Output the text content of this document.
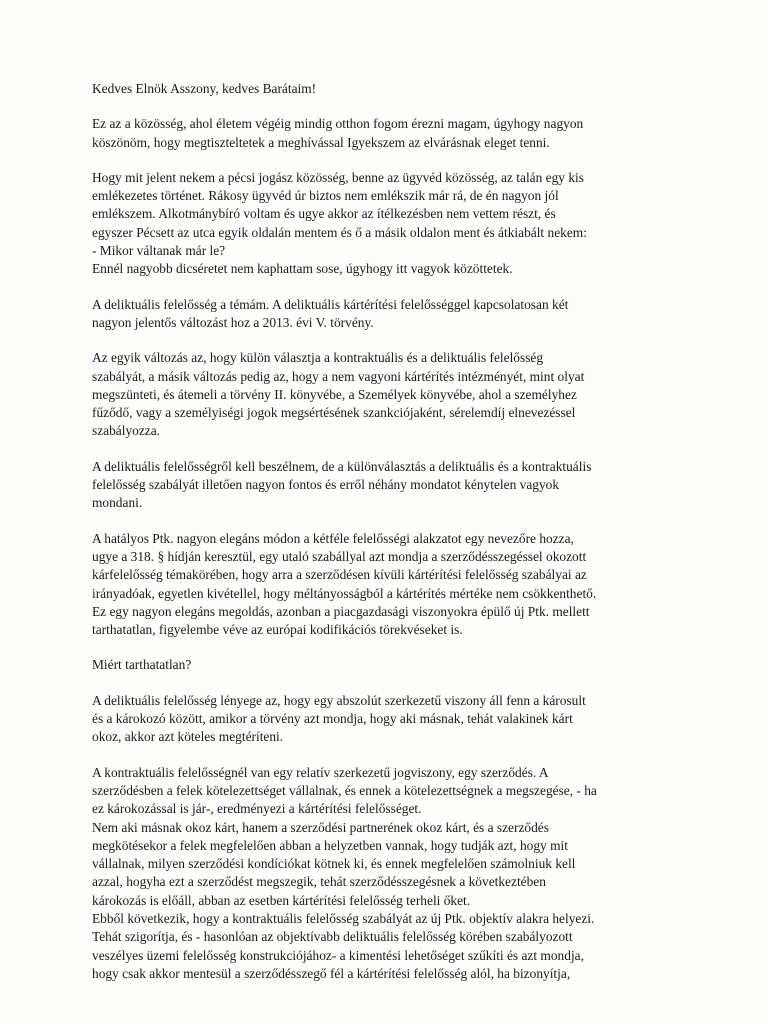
Kedves Elnök Asszony, kedves Barátaim!

Ez az a közösség, ahol életem végéig mindig otthon fogom érezni magam, úgyhogy nagyon
köszönöm, hogy megtiszteltetek a meghívással Igyekszem az elvárásnak eleget tenni.

Hogy mit jelent nekem a pécsi jogász közösség, benne az ügyvéd közösség, az talán egy kis
emlékezetes történet. Rákosy ügyvéd úr biztos nem emlékszik már rá, de én nagyon jól
emlékszem. Alkotmánybíró voltam és ugye akkor az ítélkezésben nem vettem részt, és
egyszer Pécsett az utca egyik oldalán mentem és ő a másik oldalon ment és átkiabált nekem:
- Mikor váltanak már le?
Ennél nagyobb dicséretet nem kaphattam sose, úgyhogy itt vagyok közöttetek.

A deliktuális felelősség a témám. A deliktuális kártérítési felelősséggel kapcsolatosan két
nagyon jelentős változást hoz a 2013. évi V. törvény.

Az egyik változás az, hogy külön választja a kontraktuális és a deliktuális felelősség
szabályát, a másik változás pedig az, hogy a nem vagyoni kártérítés intézményét, mint olyat
megszünteti, és átemeli a törvény II. könyvébe, a Személyek könyvébe, ahol a személyhez
fűződő, vagy a személyiségi jogok megsértésének szankciójaként, sérelemdíj elnevezéssel
szabályozza.

A deliktuális felelősségről kell beszélnem, de a különválasztás a deliktuális és a kontraktuális
felelősség szabályát illetően nagyon fontos és erről néhány mondatot kénytelen vagyok
mondani.

A hatályos Ptk. nagyon elegáns módon a kétféle felelősségi alakzatot egy nevezőre hozza,
ugye a 318. § hídján keresztül, egy utaló szabállyal azt mondja a szerződésszegéssel okozott
kárfelelősség témakörében, hogy arra a szerződésen kívüli kártérítési felelősség szabályai az
irányadóak, egyetlen kivétellel, hogy méltányosságból a kártérítés mértéke nem csökkenthető.
Ez egy nagyon elegáns megoldás, azonban a piacgazdasági viszonyokra épülő új Ptk. mellett
tarthatatlan, figyelembe véve az európai kodifikációs törekvéseket is.

Miért tarthatatlan?

A deliktuális felelősség lényege az, hogy egy abszolút szerkezetű viszony áll fenn a károsult
és a károkozó között, amikor a törvény azt mondja, hogy aki másnak, tehát valakinek kárt
okoz, akkor azt köteles megtéríteni.

A kontraktuális felelősségnél van egy relatív szerkezetű jogviszony, egy szerződés. A
szerződésben a felek kötelezettséget vállalnak, és ennek a kötelezettségnek a megszegése, - ha
ez károkozással is jár-, eredményezi a kártérítési felelősséget.
Nem aki másnak okoz kárt, hanem a szerződési partnerének okoz kárt, és a szerződés
megkötésekor a felek megfelelően abban a helyzetben vannak, hogy tudják azt, hogy mit
vállalnak, milyen szerződési kondíciókat kötnek ki, és ennek megfelelően számolniuk kell
azzal, hogyha ezt a szerződést megszegik, tehát szerződésszegésnek a következtében
károkozás is előáll, abban az esetben kártérítési felelősség terheli őket.
Ebből következik, hogy a kontraktuális felelősség szabályát az új Ptk. objektív alakra helyezi.
Tehát szigorítja, és - hasonlóan az objektívabb deliktuális felelősség körében szabályozott
veszélyes üzemi felelősség konstrukciójához- a kimentési lehetőséget szűkíti és azt mondja,
hogy csak akkor mentesül a szerződésszegő fél a kártérítési felelősség alól, ha bizonyítja,
